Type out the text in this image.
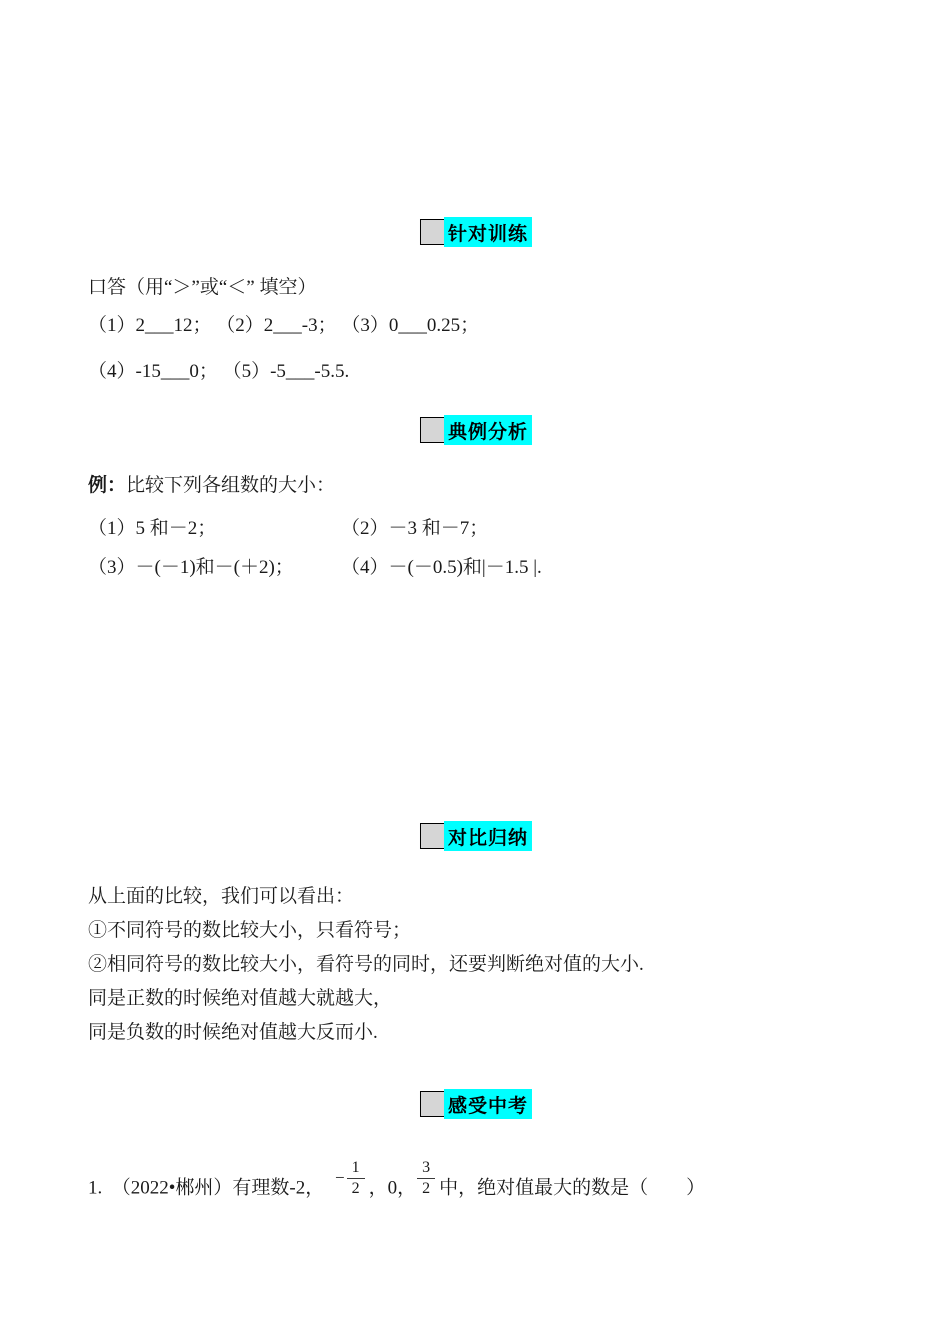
针对训练
口答（用“＞”或“＜” 填空）
（1）2___12； （2）2___-3； （3）0___0.25；
（4）-15___0； （5）-5___-5.5.
典例分析
例：比较下列各组数的大小：
（1）5 和－2；	（2）－3 和－7；
（3）－(－1)和－(＋2)； （4）－(－0.5)和|－1.5 |.
对比归纳
从上面的比较，我们可以看出：
①不同符号的数比较大小，只看符号；
②相同符号的数比较大小，看符号的同时，还要判断绝对值的大小.
同是正数的时候绝对值越大就越大，
同是负数的时候绝对值越大反而小.
感受中考
1.  （2022•郴州）有理数-2， − $\frac{1}{2}$ ，0， $\frac{3}{2}$ 中，绝对值最大的数是（　　）
